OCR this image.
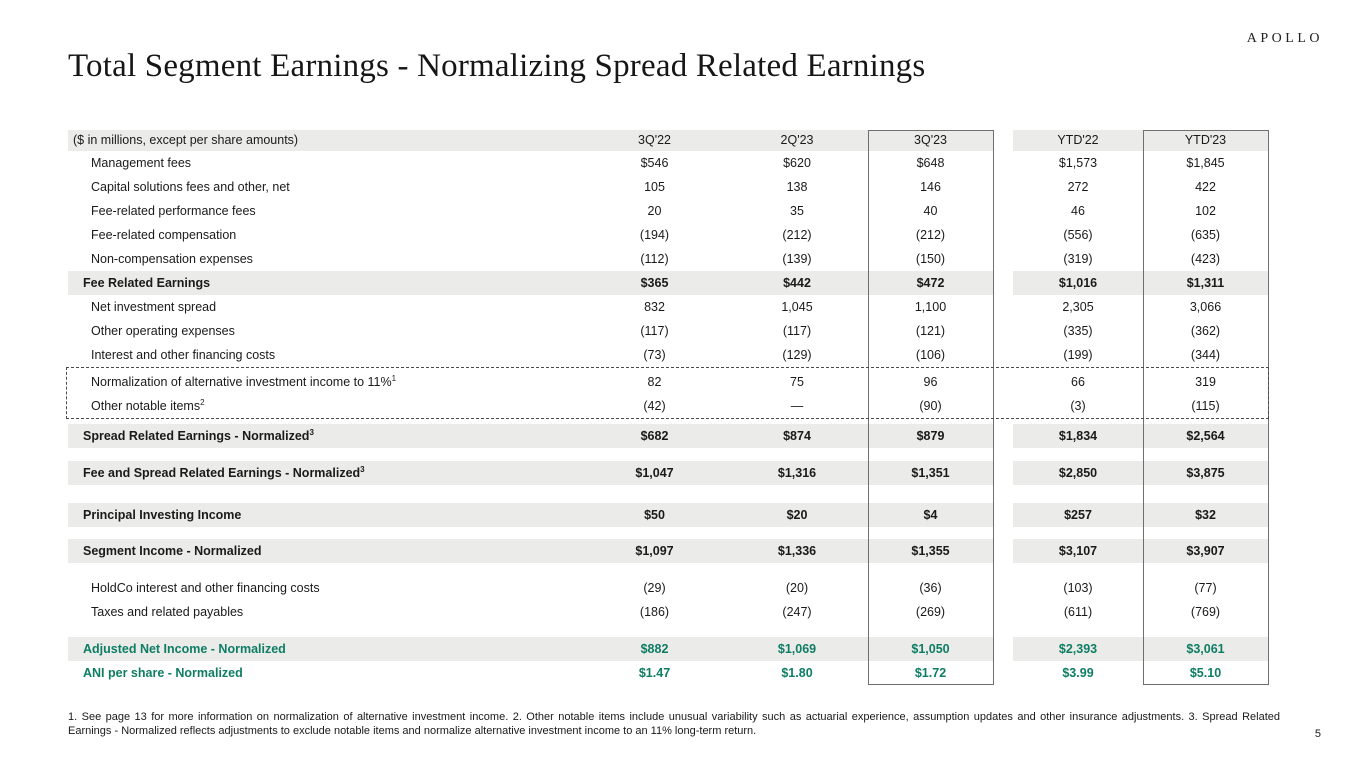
APOLLO
Total Segment Earnings - Normalizing Spread Related Earnings
($ in millions, except per share amounts)	3Q'22	2Q'23	3Q'23	YTD'22	YTD'23
Management fees	$546	$620	$648	$1,573	$1,845
Capital solutions fees and other, net	105	138	146	272	422
Fee-related performance fees	20	35	40	46	102
Fee-related compensation	(194)	(212)	(212)	(556)	(635)
Non-compensation expenses	(112)	(139)	(150)	(319)	(423)
Fee Related Earnings	$365	$442	$472	$1,016	$1,311
Net investment spread	832	1,045	1,100	2,305	3,066
Other operating expenses	(117)	(117)	(121)	(335)	(362)
Interest and other financing costs	(73)	(129)	(106)	(199)	(344)
Normalization of alternative investment income to 11%$^1$	82	75	96	66	319
Other notable items$^2$	(42)	—	(90)	(3)	(115)
Spread Related Earnings - Normalized$^3$	$682	$874	$879	$1,834	$2,564
Fee and Spread Related Earnings - Normalized$^3$	$1,047	$1,316	$1,351	$2,850	$3,875
Principal Investing Income	$50	$20	$4	$257	$32
Segment Income - Normalized	$1,097	$1,336	$1,355	$3,107	$3,907
HoldCo interest and other financing costs	(29)	(20)	(36)	(103)	(77)
Taxes and related payables	(186)	(247)	(269)	(611)	(769)
Adjusted Net Income - Normalized	$882	$1,069	$1,050	$2,393	$3,061
ANI per share - Normalized	$1.47	$1.80	$1.72	$3.99	$5.10

1. See page 13 for more information on normalization of alternative investment income. 2. Other notable items include unusual variability such as actuarial experience, assumption updates and other insurance adjustments. 3. Spread Related Earnings - Normalized reflects adjustments to exclude notable items and normalize alternative investment income to an 11% long-term return.	5
